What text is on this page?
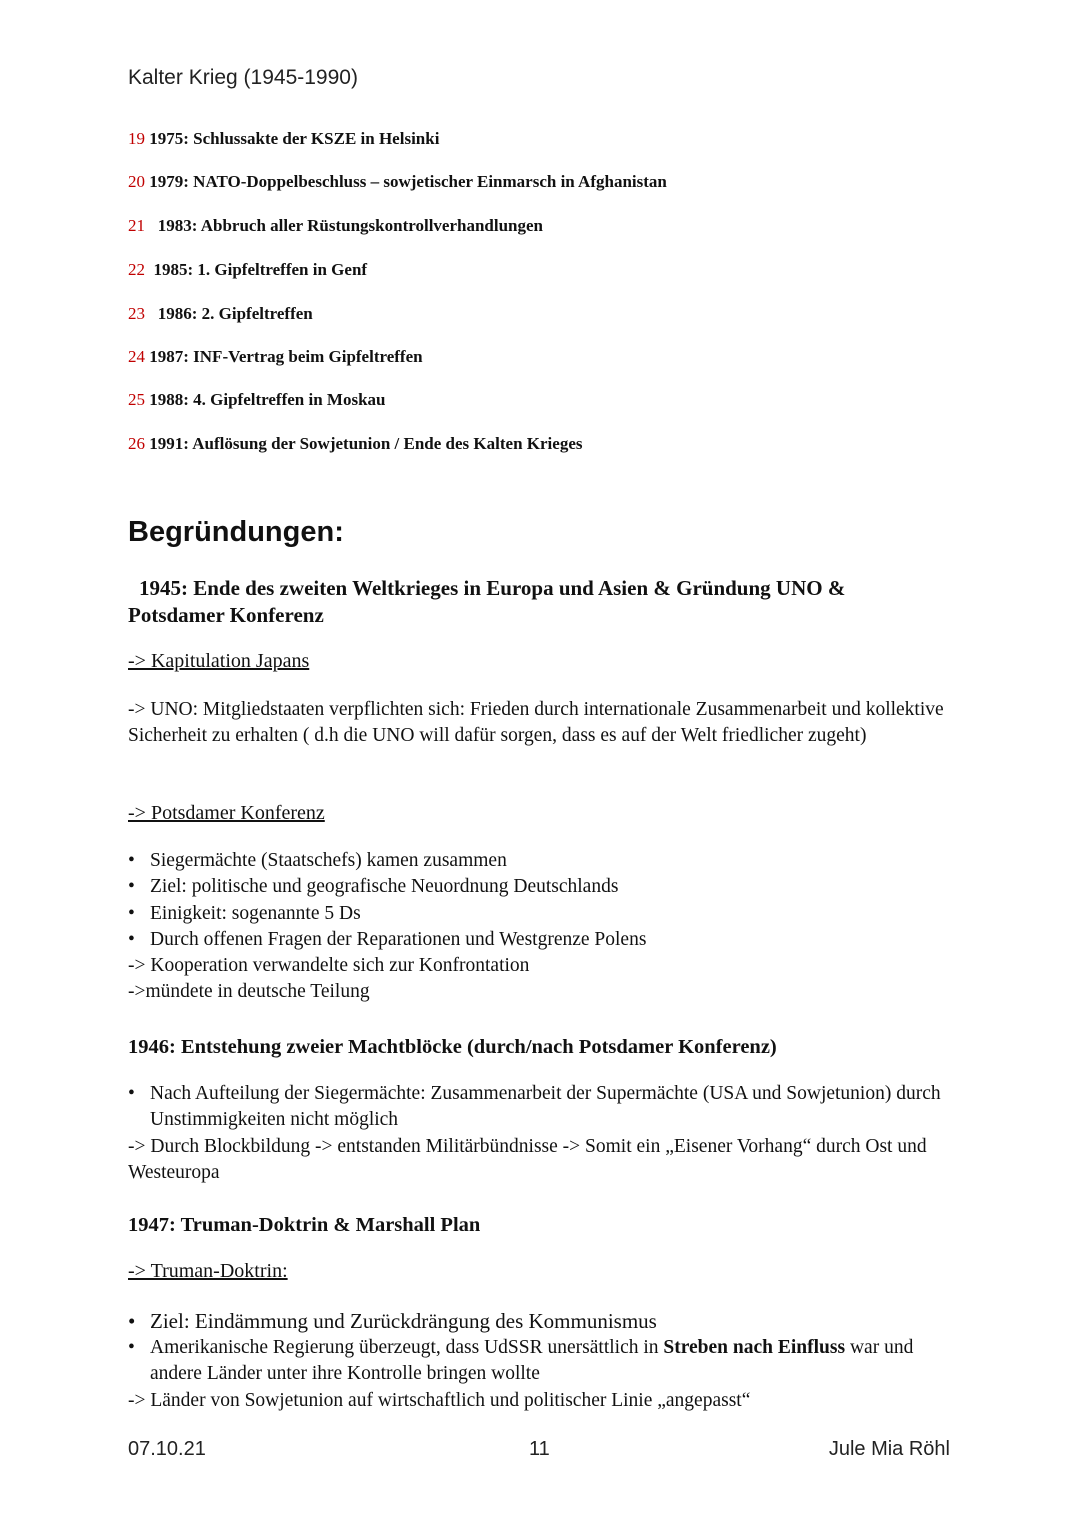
Kalter Krieg (1945-1990)
19 1975: Schlussakte der KSZE in Helsinki
20 1979: NATO-Doppelbeschluss – sowjetischer Einmarsch in Afghanistan
21 1983: Abbruch aller Rüstungskontrollverhandlungen
22 1985: 1. Gipfeltreffen in Genf
23 1986: 2. Gipfeltreffen
24 1987: INF-Vertrag beim Gipfeltreffen
25 1988: 4. Gipfeltreffen in Moskau
26 1991: Auflösung der Sowjetunion / Ende des Kalten Krieges
Begründungen:
1945: Ende des zweiten Weltkrieges in Europa und Asien & Gründung UNO & Potsdamer Konferenz
-> Kapitulation Japans
-> UNO: Mitgliedstaaten verpflichten sich: Frieden durch internationale Zusammenarbeit und kollektive Sicherheit zu erhalten ( d.h die UNO will dafür sorgen, dass es auf der Welt friedlicher zugeht)
-> Potsdamer Konferenz
• Siegermächte (Staatschefs) kamen zusammen
• Ziel: politische und geografische Neuordnung Deutschlands
• Einigkeit: sogenannte 5 Ds
• Durch offenen Fragen der Reparationen und Westgrenze Polens
-> Kooperation verwandelte sich zur Konfrontation
->mündete in deutsche Teilung
1946: Entstehung zweier Machtblöcke (durch/nach Potsdamer Konferenz)
• Nach Aufteilung der Siegermächte: Zusammenarbeit der Supermächte (USA und Sowjetunion) durch Unstimmigkeiten nicht möglich
-> Durch Blockbildung -> entstanden Militärbündnisse -> Somit ein „Eisener Vorhang“ durch Ost und Westeuropa
1947: Truman-Doktrin & Marshall Plan
-> Truman-Doktrin:
• Ziel: Eindämmung und Zurückdrängung des Kommunismus
• Amerikanische Regierung überzeugt, dass UdSSR unersättlich in Streben nach Einfluss war und andere Länder unter ihre Kontrolle bringen wollte
-> Länder von Sowjetunion auf wirtschaftlich und politischer Linie „angepasst“
07.10.21	11	Jule Mia Röhl
